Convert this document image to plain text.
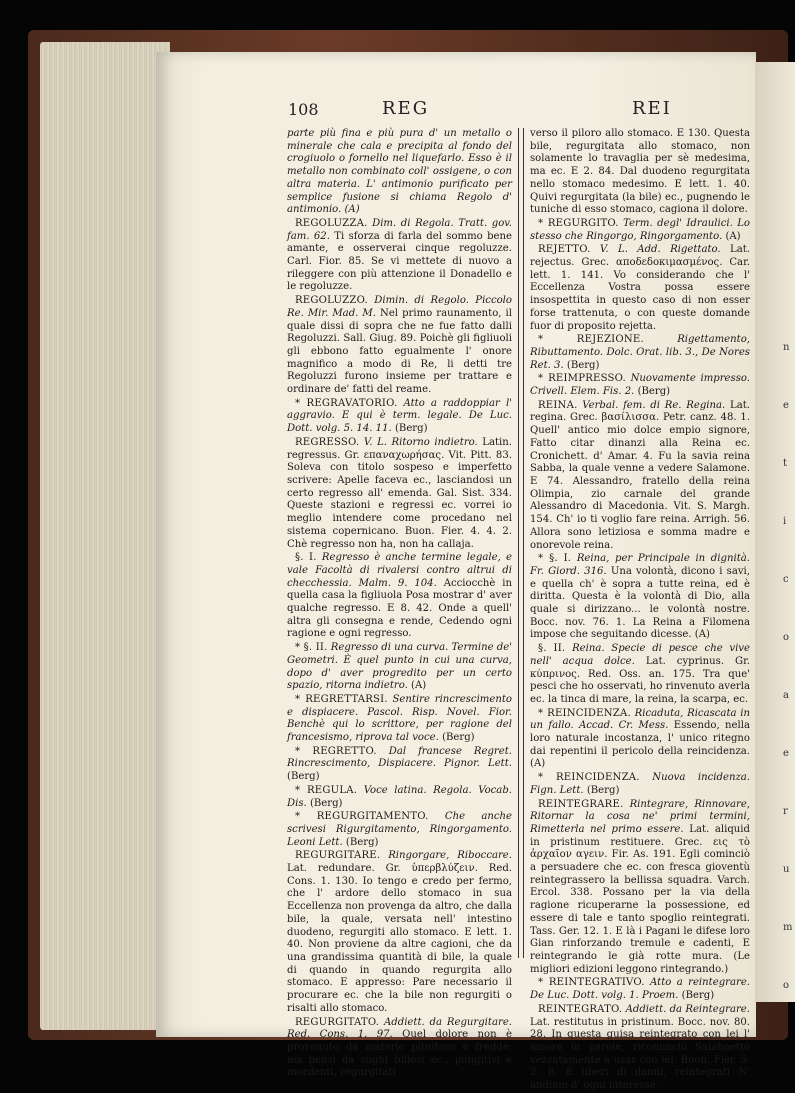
n
e
t
i
c
o
a
e
r
u
m
o
108	REG	REI

parte più fina e più pura d' un metallo o minerale che cala e precipita al fondo del crogiuolo o fornello nel liquefarlo. Esso è il metallo non combinato coll' ossigene, o con altra materia. L' antimonio purificato per semplice fusione si chiama Regolo d' antimonio. (A)

REGOLUZZA. Dim. di Regola. Tratt. gov. fam. 62. Ti sforza di farla del sommo bene amante, e osserverai cinque regoluzze. Carl. Fior. 85. Se vi mettete di nuovo a rileggere con più attenzione il Donadello e le regoluzze.

REGOLUZZO. Dimin. di Regolo. Piccolo Re. Mir. Mad. M. Nel primo raunamento, il quale dissi di sopra che ne fue fatto dalli Regoluzzi. Sall. Giug. 89. Poichè gli figliuoli gli ebbono fatto egualmente l' onore magnifico a modo di Re, li detti tre Regoluzzi furono insieme per trattare e ordinare de' fatti del reame.

* REGRAVATORIO. Atto a raddoppiar l' aggravio. E qui è term. legale. De Luc. Dott. volg. 5. 14. 11. (Berg)

REGRESSO. V. L. Ritorno indietro. Latin. regressus. Gr. επαναχωρήσας. Vit. Pitt. 83. Soleva con titolo sospeso e imperfetto scrivere: Apelle faceva ec., lasciandosi un certo regresso all' emenda. Gal. Sist. 334. Queste stazioni e regressi ec. vorrei io meglio intendere come procedano nel sistema copernicano. Buon. Fier. 4. 4. 2. Chè regresso non ha, non ha callaja.

§. I. Regresso è anche termine legale, e vale Facoltà di rivalersi contro altrui di checchessia. Malm. 9. 104. Acciocchè in quella casa la figliuola Posa mostrar d' aver qualche regresso. E 8. 42. Onde a quell' altra gli consegna e rende, Cedendo ogni ragione e ogni regresso.

* §. II. Regresso di una curva. Termine de' Geometri. È quel punto in cui una curva, dopo d' aver progredito per un certo spazio, ritorna indietro. (A)

* REGRETTARSI. Sentire rincrescimento e dispiacere. Pascol. Risp. Novel. Fior. Benchè qui lo scrittore, per ragione del francesismo, riprova tal voce. (Berg)

* REGRETTO. Dal francese Regret. Rincrescimento, Dispiacere. Pignor. Lett. (Berg)

* REGULA. Voce latina. Regola. Vocab. Dis. (Berg)

* REGURGITAMENTO. Che anche scrivesi Rigurgitamento, Ringorgamento. Leoni Lett. (Berg)

REGURGITARE. Ringorgare, Riboccare. Lat. redundare. Gr. ὑπερβλύζειν. Red. Cons. 1. 130. Io tengo e credo per fermo, che l' ardore dello stomaco in sua Eccellenza non provenga da altro, che dalla bile, la quale, versata nell' intestino duodeno, regurgiti allo stomaco. E lett. 1. 40. Non proviene da altre cagioni, che da una grandissima quantità di bile, la quale di quando in quando regurgita allo stomaco. E appresso: Pare necessario il procurare ec. che la bile non regurgiti o risalti allo stomaco.

REGURGITATO. Addiett. da Regurgitare. Red. Cons. 1. 97. Quel dolore non è provenuto da materie pituitose e fredde, ma bensì da sughi biliosi ec., pungitivi e mordenti, regurgitati

verso il piloro allo stomaco. E 130. Questa bile, regurgitata allo stomaco, non solamente lo travaglia per sè medesima, ma ec. E 2. 84. Dal duodeno regurgitata nello stomaco medesimo. E lett. 1. 40. Quivi regurgitata (la bile) ec., pugnendo le tuniche di esso stomaco, cagiona il dolore.

* REGURGITO. Term. degl' Idraulici. Lo stesso che Ringorgo, Ringorgamento. (A)

REJETTO. V. L. Add. Rigettato. Lat. rejectus. Grec. αποδεδοκιμασμένος. Car. lett. 1. 141. Vo considerando che l' Eccellenza Vostra possa essere insospettita in questo caso di non esser forse trattenuta, o con queste domande fuor di proposito rejetta.

* REJEZIONE.	Rigettamento, Ributtamento. Dolc. Orat. lib. 3., De Nores Ret. 3. (Berg)

* REIMPRESSO. Nuovamente impresso. Crivell. Elem. Fis. 2. (Berg)

REINA. Verbal. fem. di Re. Regina. Lat. regina. Grec. βασίλισσα. Petr. canz. 48. 1. Quell' antico mio dolce empio signore, Fatto citar dinanzi alla Reina ec. Cronichett. d' Amar. 4. Fu la savia reina Sabba, la quale venne a vedere Salamone. E 74. Alessandro, fratello della reina Olimpia, zio carnale del grande Alessandro di Macedonia. Vit. S. Margh. 154. Ch' io ti voglio fare reina. Arrigh. 56. Allora sono letiziosa e somma madre e onorevole reina.

* §. I. Reina, per Principale in dignità. Fr. Giord. 316. Una volontà, dicono i savi, e quella ch' è sopra a tutte reina, ed è diritta. Questa è la volontà di Dio, alla quale si dirizzano... le volontà nostre. Bocc. nov. 76. 1. La Reina a Filomena impose che seguitando dicesse. (A)

§. II. Reina. Specie di pesce che vive nell' acqua dolce. Lat. cyprinus. Gr. κύπρινος. Red. Oss. an. 175. Tra que' pesci che ho osservati, ho rinvenuto averla ec. la tinca di mare, la reina, la scarpa, ec.

* REINCIDENZA. Ricaduta, Ricascata in un fallo. Accad. Cr. Mess. Essendo, nella loro naturale incostanza, l' unico ritegno dai repentini il pericolo della reincidenza. (A)

* REINCIDENZA. Nuova incidenza. Fign. Lett. (Berg)

REINTEGRARE. Rintegrare, Rinnovare, Ritornar la cosa ne' primi termini, Rimetterla nel primo essere. Lat. aliquid in pristinum restituere. Grec. εις τὸ ἀρχαῖον αγειν. Fir. As. 191. Egli cominciò a persuadere che ec. con fresca gioventù reintegrassero la bellissa squadra. Varch. Ercol. 338. Possano per la via della ragione ricuperarne la possessione, ed essere di tale e tanto spoglio reintegrati. Tass. Ger. 12. 1. E là i Pagani le difese loro Gian rinforzando tremule e cadenti, E reintegrando le già rotte mura. (Le migliori edizioni leggono rintegrando.)

* REINTEGRATIVO. Atto a reintegrare. De Luc. Dott. volg. 1. Proem. (Berg)

REINTEGRATO. Addiett. da Reintegrare. Lat. restitutus in pristinum. Bocc. nov. 80. 28. In questa guisa reintegrato con lei l' amore in parole, ricominciò Salabaetto vezzatamente a usar con lei. Buon. Fier. 5. 2. 8. E liberi di danni, reintegrati N' andiam d' ogni interesse.
